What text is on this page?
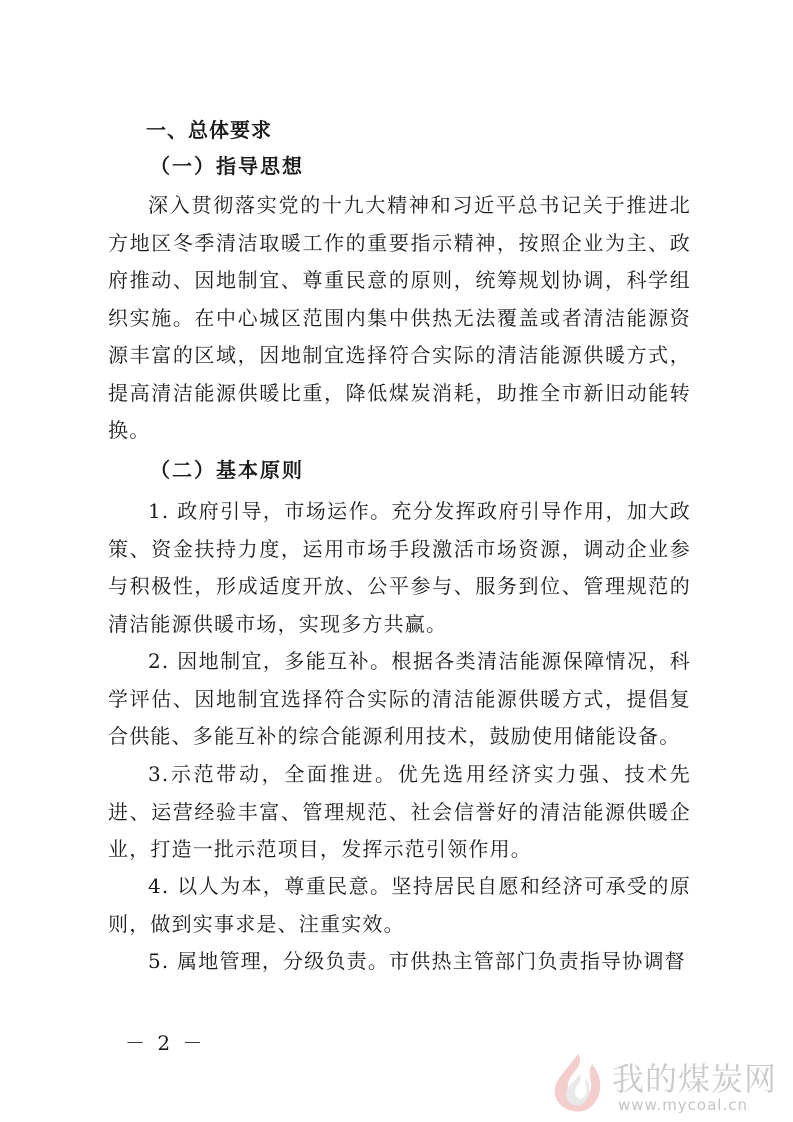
一、总体要求
（一）指导思想

深入贯彻落实党的十九大精神和习近平总书记关于推进北方地区冬季清洁取暖工作的重要指示精神，按照企业为主、政府推动、因地制宜、尊重民意的原则，统筹规划协调，科学组织实施。在中心城区范围内集中供热无法覆盖或者清洁能源资源丰富的区域，因地制宜选择符合实际的清洁能源供暖方式，提高清洁能源供暖比重，降低煤炭消耗，助推全市新旧动能转换。

（二）基本原则

1. 政府引导，市场运作。充分发挥政府引导作用，加大政策、资金扶持力度，运用市场手段激活市场资源，调动企业参与积极性，形成适度开放、公平参与、服务到位、管理规范的清洁能源供暖市场，实现多方共赢。

2. 因地制宜，多能互补。根据各类清洁能源保障情况，科学评估、因地制宜选择符合实际的清洁能源供暖方式，提倡复合供能、多能互补的综合能源利用技术，鼓励使用储能设备。

3.示范带动，全面推进。优先选用经济实力强、技术先进、运营经验丰富、管理规范、社会信誉好的清洁能源供暖企业，打造一批示范项目，发挥示范引领作用。

4. 以人为本，尊重民意。坚持居民自愿和经济可承受的原则，做到实事求是、注重实效。

5. 属地管理，分级负责。市供热主管部门负责指导协调督

－ 2 －
我的煤炭网
www.mycoal.cn
